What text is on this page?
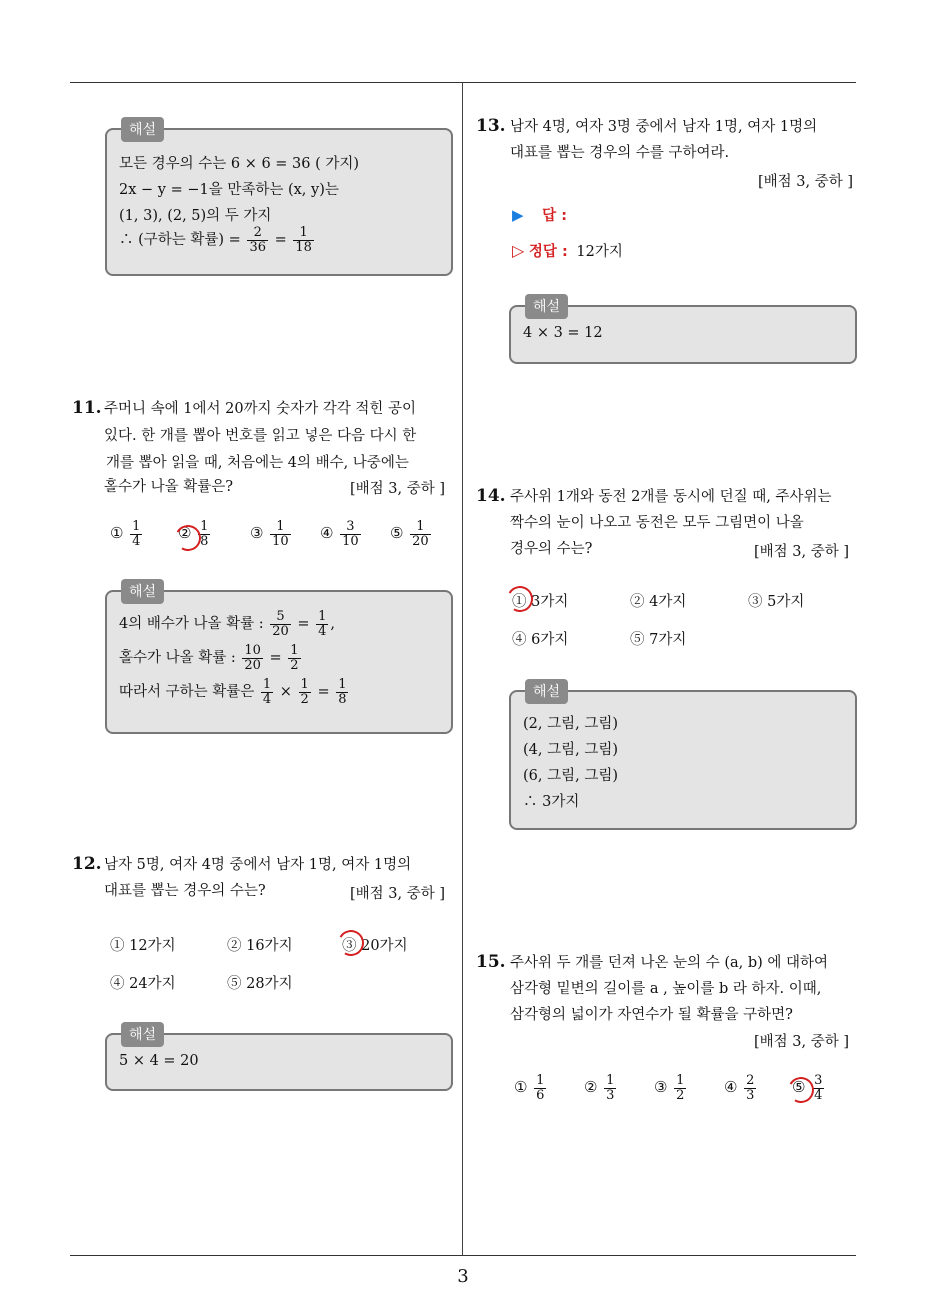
해설
모든 경우의 수는 6 × 6 = 36 ( 가지)
2x − y = −1을 만족하는 (x, y)는
(1, 3), (2, 5)의 두 가지
∴ (구하는 확률) = $\frac{2}{36} = \frac{1}{18}$
11. 주머니 속에 1에서 20까지 숫자가 각각 적힌 공이
있다. 한 개를 뽑아 번호를 읽고 넣은 다음 다시 한
개를 뽑아 읽을 때, 처음에는 4의 배수, 나중에는
홀수가 나올 확률은?	[배점 3, 중하 ]
① $\frac{1}{4}$ ② $\frac{1}{8}$	③ $\frac{1}{10}$ ④ $\frac{3}{10}$ ⑤ $\frac{1}{20}$
해설
4의 배수가 나올 확률 : $\frac{5}{20} = \frac{1}{4}$ ,
홀수가 나올 확률 : $\frac{10}{20} = \frac{1}{2}$
따라서 구하는 확률은 $\frac{1}{4} \times \frac{1}{2} = \frac{1}{8}$
12. 남자 5명, 여자 4명 중에서 남자 1명, 여자 1명의
대표를 뽑는 경우의 수는?	[배점 3, 중하 ]
① 12가지	② 16가지	③ 20가지
④ 24가지	⑤ 28가지
해설
5 × 4 = 20
13. 남자 4명, 여자 3명 중에서 남자 1명, 여자 1명의
대표를 뽑는 경우의 수를 구하여라.
[배점 3, 중하 ]
▶ 답 :
▷ 정답 : 12가지
해설
4 × 3 = 12
14. 주사위 1개와 동전 2개를 동시에 던질 때, 주사위는
짝수의 눈이 나오고 동전은 모두 그림면이 나올
경우의 수는?	[배점 3, 중하 ]
① 3가지	② 4가지	③ 5가지
④ 6가지	⑤ 7가지
해설
(2, 그림, 그림)
(4, 그림, 그림)
(6, 그림, 그림)
∴ 3가지
15. 주사위 두 개를 던져 나온 눈의 수 (a, b) 에 대하여
삼각형 밑변의 길이를 a , 높이를 b 라 하자. 이때,
삼각형의 넓이가 자연수가 될 확률을 구하면?
[배점 3, 중하 ]
① $\frac{1}{6}$	② $\frac{1}{3}$	③ $\frac{1}{2}$	④ $\frac{2}{3}$ ⑤ $\frac{3}{4}$
3
